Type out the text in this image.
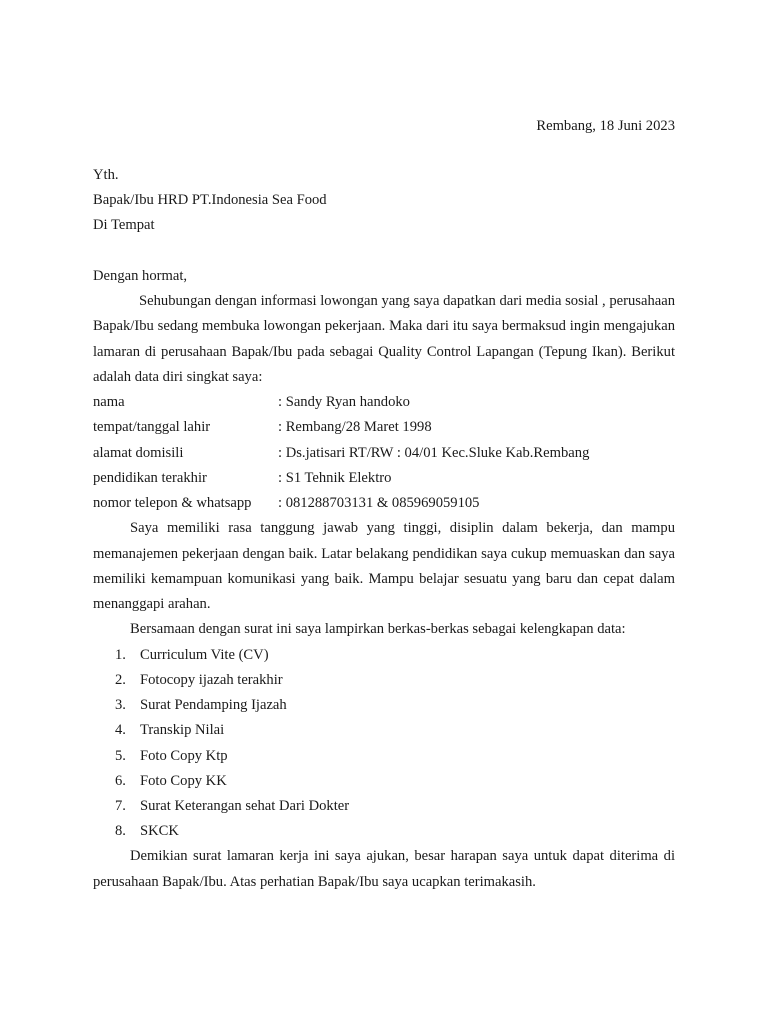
Rembang, 18 Juni 2023
Yth.
Bapak/Ibu HRD PT.Indonesia Sea Food
Di Tempat
Dengan hormat,

Sehubungan dengan informasi lowongan yang saya dapatkan dari media sosial , perusahaan Bapak/Ibu sedang membuka lowongan pekerjaan. Maka dari itu saya bermaksud ingin mengajukan lamaran di perusahaan Bapak/Ibu pada sebagai Quality Control Lapangan (Tepung Ikan). Berikut adalah data diri singkat saya:

nama	: Sandy Ryan handoko
tempat/tanggal lahir	: Rembang/28 Maret 1998
alamat domisili	: Ds.jatisari RT/RW : 04/01 Kec.Sluke Kab.Rembang
pendidikan terakhir	: S1 Tehnik Elektro
nomor telepon & whatsapp	: 081288703131 & 085969059105

Saya memiliki rasa tanggung jawab yang tinggi, disiplin dalam bekerja, dan mampu memanajemen pekerjaan dengan baik. Latar belakang pendidikan saya cukup memuaskan dan saya memiliki kemampuan komunikasi yang baik. Mampu belajar sesuatu yang baru dan cepat dalam menanggapi arahan.

Bersamaan dengan surat ini saya lampirkan berkas-berkas sebagai kelengkapan data:

1. Curriculum Vite (CV)
2. Fotocopy ijazah terakhir
3. Surat Pendamping Ijazah
4. Transkip Nilai
5. Foto Copy Ktp
6. Foto Copy KK
7. Surat Keterangan sehat Dari Dokter
8. SKCK

Demikian surat lamaran kerja ini saya ajukan, besar harapan saya untuk dapat diterima di perusahaan Bapak/Ibu. Atas perhatian Bapak/Ibu saya ucapkan terimakasih.
